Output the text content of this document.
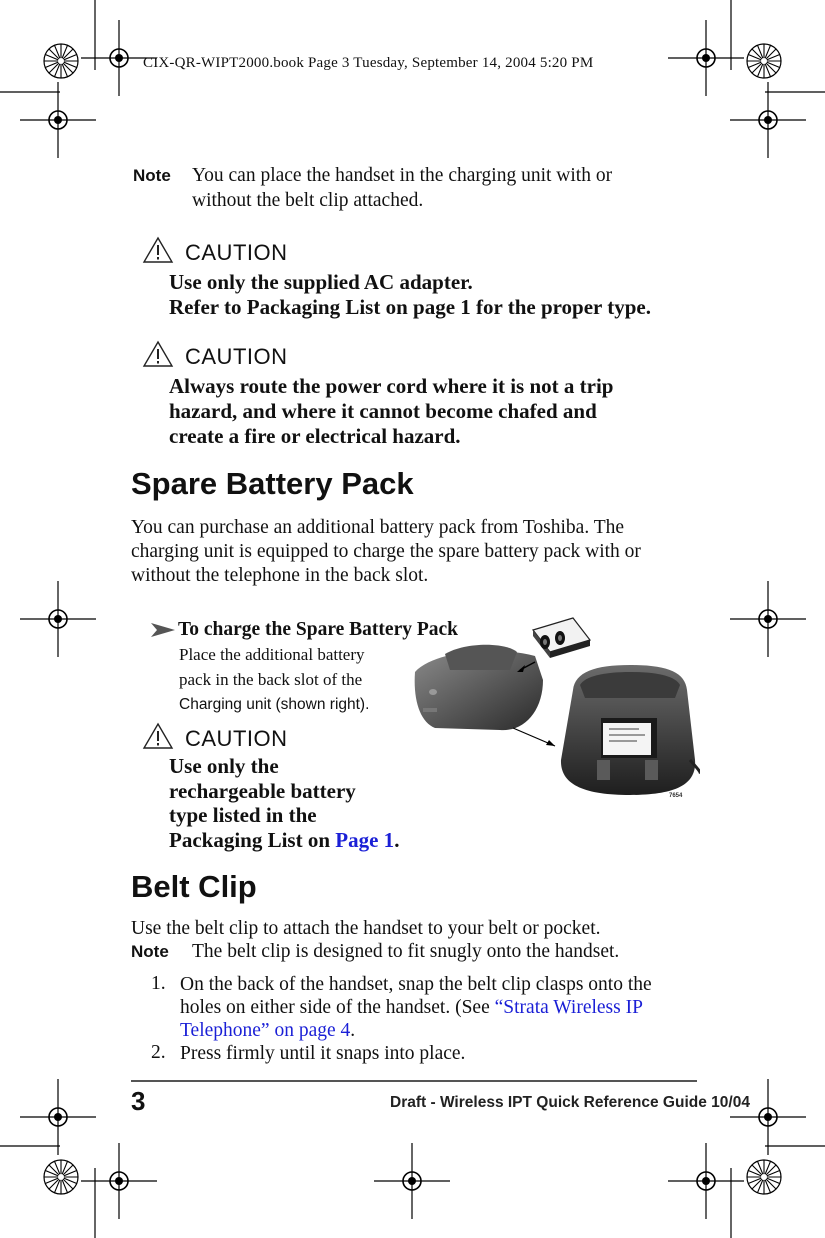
CIX-QR-WIPT2000.book Page 3 Tuesday, September 14, 2004 5:20 PM
Note You can place the handset in the charging unit with or
without the belt clip attached.
CAUTION
Use only the supplied AC adapter.
Refer to Packaging List on page 1 for the proper type.
CAUTION
Always route the power cord where it is not a trip
hazard, and where it cannot become chafed and
create a fire or electrical hazard.
Spare Battery Pack
You can purchase an additional battery pack from Toshiba. The
charging unit is equipped to charge the spare battery pack with or
without the telephone in the back slot.
To charge the Spare Battery Pack
Place the additional battery
pack in the back slot of the
Charging unit (shown right).
CAUTION
Use only the
rechargeable battery
type listed in the
Packaging List on Page 1.
7654
Belt Clip
Use the belt clip to attach the handset to your belt or pocket.
Note The belt clip is designed to fit snugly onto the handset.
1. On the back of the handset, snap the belt clip clasps onto the
holes on either side of the handset. (See “Strata Wireless IP
Telephone” on page 4.
2. Press firmly until it snaps into place.
3	Draft - Wireless IPT Quick Reference Guide 10/04
